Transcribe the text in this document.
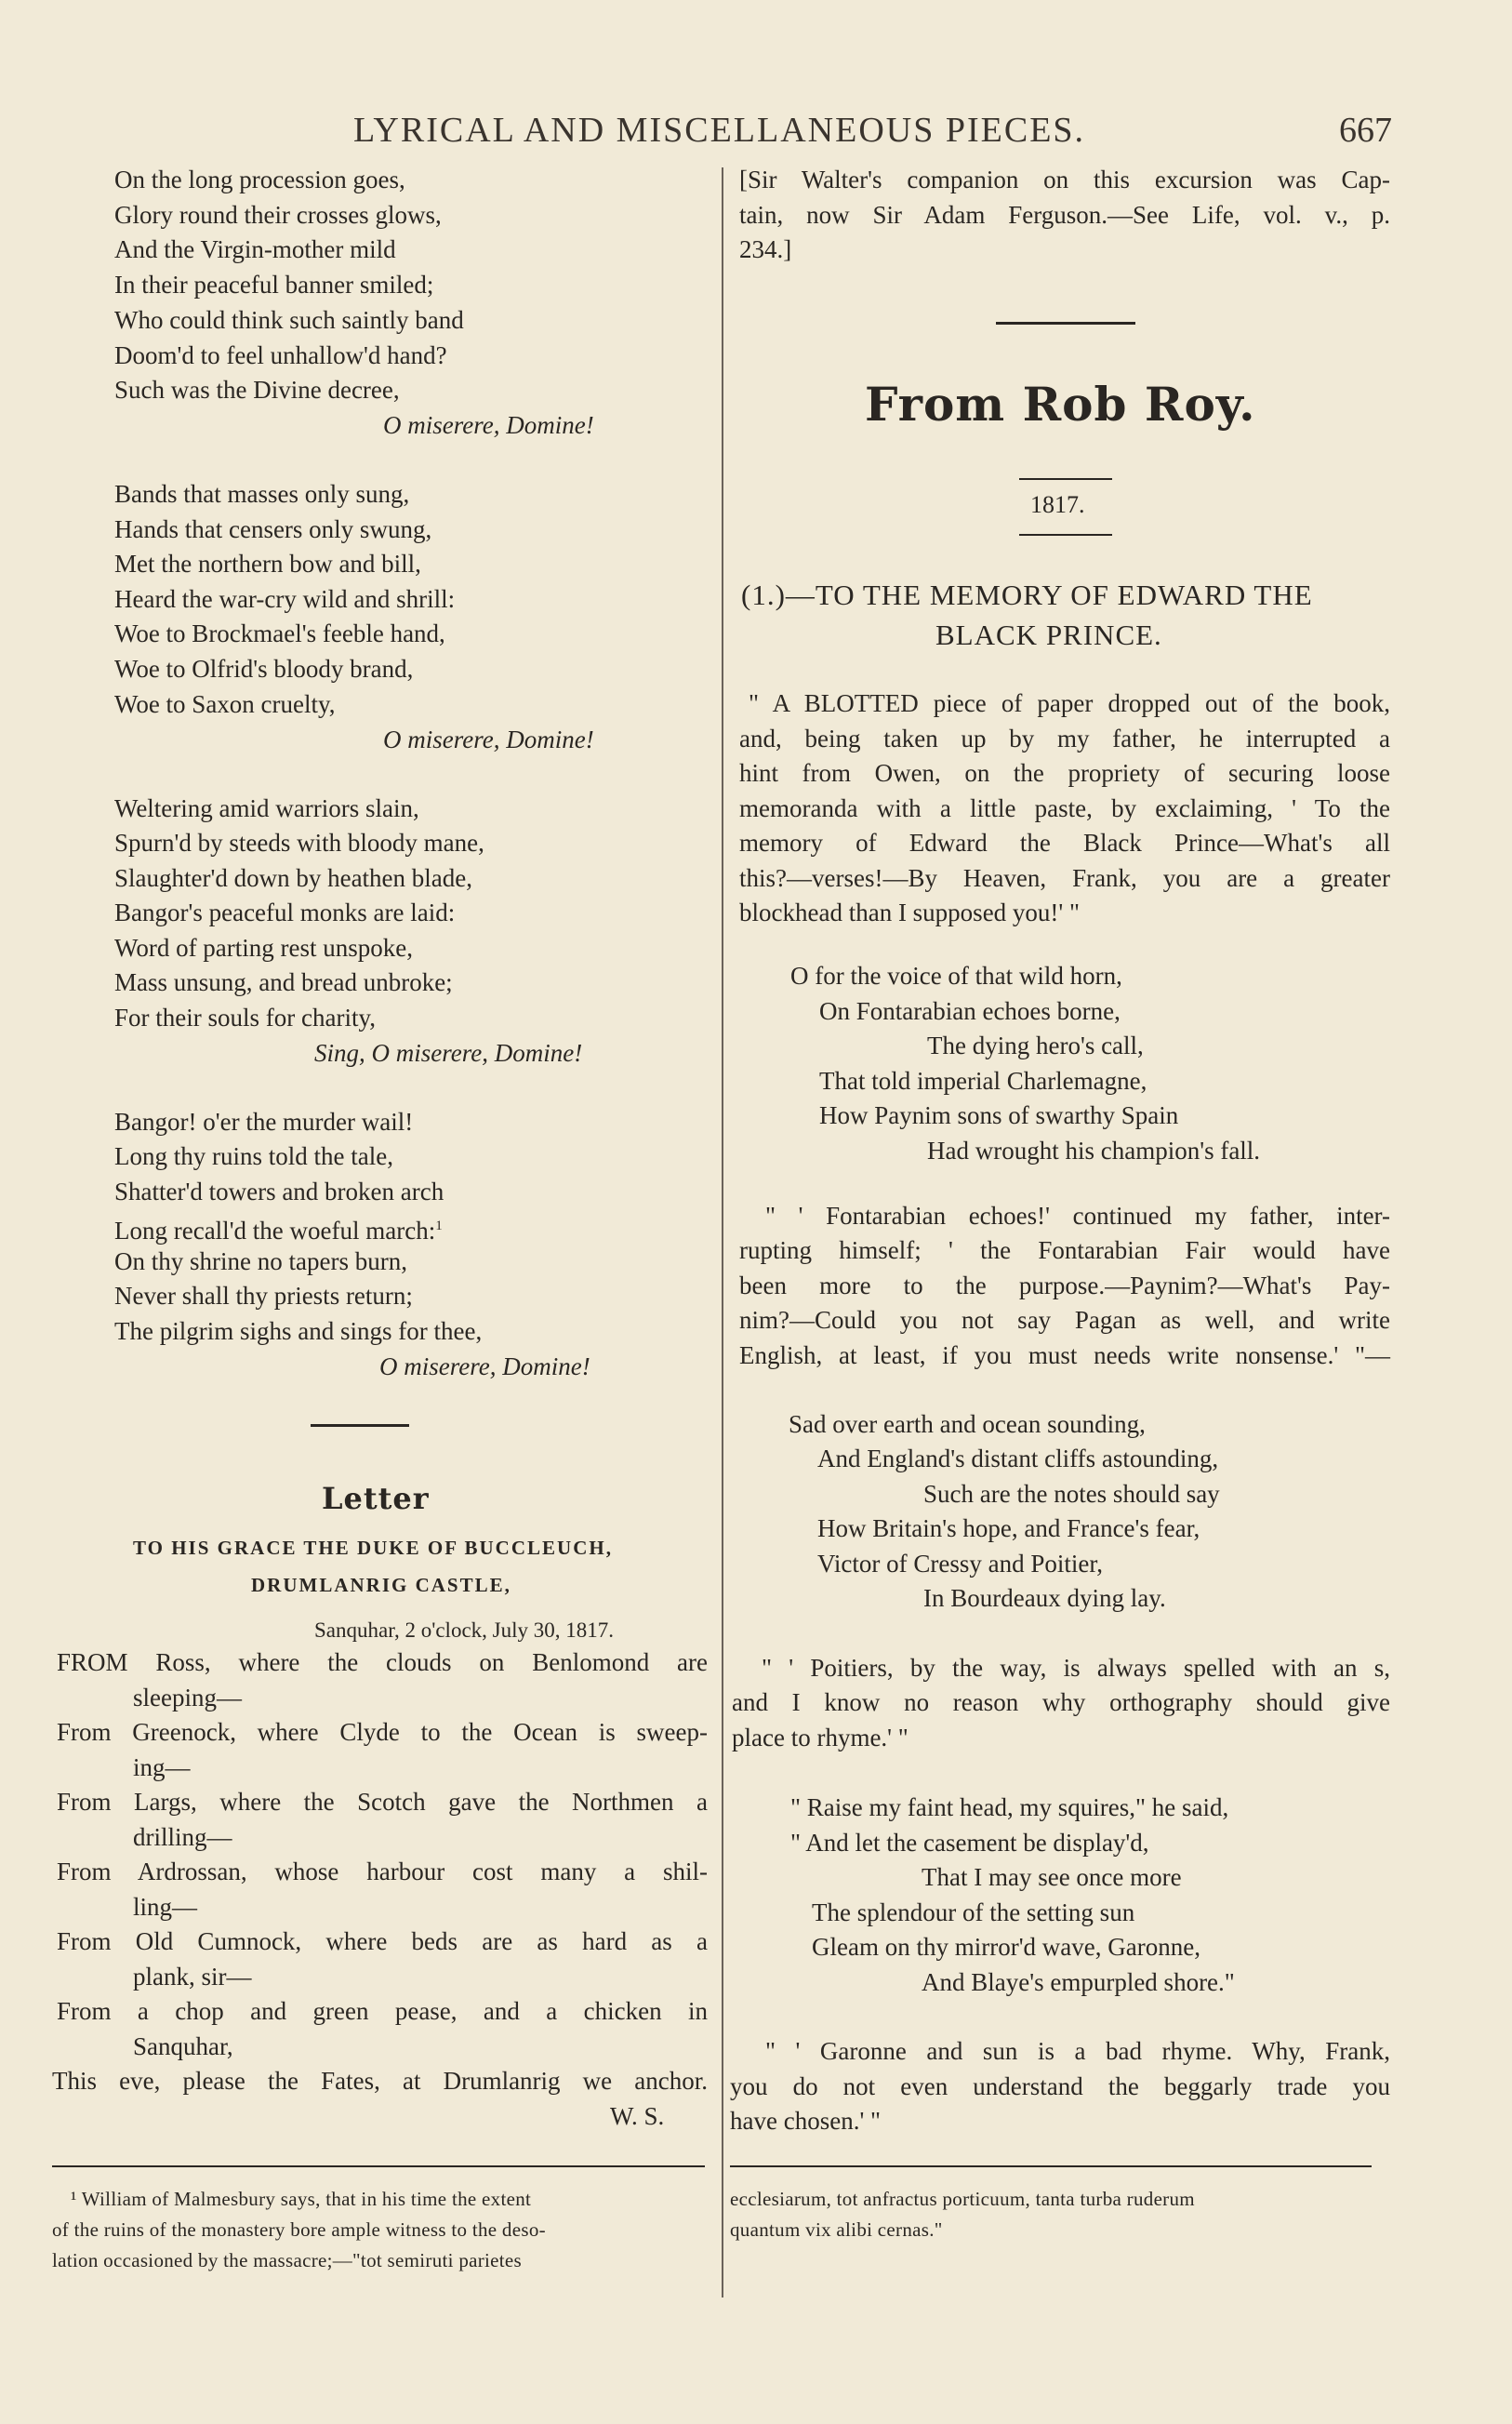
LYRICAL AND MISCELLANEOUS PIECES.	667
On the long procession goes,
Glory round their crosses glows,
And the Virgin-mother mild
In their peaceful banner smiled;
Who could think such saintly band
Doom'd to feel unhallow'd hand?
Such was the Divine decree,
O miserere, Domine!
Bands that masses only sung,
Hands that censers only swung,
Met the northern bow and bill,
Heard the war-cry wild and shrill:
Woe to Brockmael's feeble hand,
Woe to Olfrid's bloody brand,
Woe to Saxon cruelty,
O miserere, Domine!
Weltering amid warriors slain,
Spurn'd by steeds with bloody mane,
Slaughter'd down by heathen blade,
Bangor's peaceful monks are laid:
Word of parting rest unspoke,
Mass unsung, and bread unbroke;
For their souls for charity,
Sing, O miserere, Domine!
Bangor! o'er the murder wail!
Long thy ruins told the tale,
Shatter'd towers and broken arch
Long recall'd the woeful march:$^1$
On thy shrine no tapers burn,
Never shall thy priests return;
The pilgrim sighs and sings for thee,
O miserere, Domine!
Letter
TO HIS GRACE THE DUKE OF BUCCLEUCH,
DRUMLANRIG CASTLE,
Sanquhar, 2 o'clock, July 30, 1817.
FROM Ross, where the clouds on Benlomond are
sleeping—
From Greenock, where Clyde to the Ocean is sweep-
ing—
From Largs, where the Scotch gave the Northmen a
drilling—
From Ardrossan, whose harbour cost many a shil-
ling—
From Old Cumnock, where beds are as hard as a
plank, sir—
From a chop and green pease, and a chicken in
Sanquhar,
This eve, please the Fates, at Drumlanrig we anchor.
W. S.
¹ William of Malmesbury says, that in his time the extent
of the ruins of the monastery bore ample witness to the deso-
lation occasioned by the massacre;—"tot semiruti parietes
[Sir Walter's companion on this excursion was Cap-
tain, now Sir Adam Ferguson.—See Life, vol. v., p.
234.]
From Rob Roy.
1817.
(1.)—TO THE MEMORY OF EDWARD THE
BLACK PRINCE.
" A BLOTTED piece of paper dropped out of the book,
and, being taken up by my father, he interrupted a
hint from Owen, on the propriety of securing loose
memoranda with a little paste, by exclaiming, ' To the
memory of Edward the Black Prince—What's all
this?—verses!—By Heaven, Frank, you are a greater
blockhead than I supposed you!' "
O for the voice of that wild horn,
On Fontarabian echoes borne,
The dying hero's call,
That told imperial Charlemagne,
How Paynim sons of swarthy Spain
Had wrought his champion's fall.
" ' Fontarabian echoes!' continued my father, inter-
rupting himself; ' the Fontarabian Fair would have
been more to the purpose.—Paynim?—What's Pay-
nim?—Could you not say Pagan as well, and write
English, at least, if you must needs write nonsense.' "—
Sad over earth and ocean sounding,
And England's distant cliffs astounding,
Such are the notes should say
How Britain's hope, and France's fear,
Victor of Cressy and Poitier,
In Bourdeaux dying lay.
" ' Poitiers, by the way, is always spelled with an s,
and I know no reason why orthography should give
place to rhyme.' "
" Raise my faint head, my squires," he said,
" And let the casement be display'd,
That I may see once more
The splendour of the setting sun
Gleam on thy mirror'd wave, Garonne,
And Blaye's empurpled shore."
" ' Garonne and sun is a bad rhyme. Why, Frank,
you do not even understand the beggarly trade you
have chosen.' "
ecclesiarum, tot anfractus porticuum, tanta turba ruderum
quantum vix alibi cernas."
